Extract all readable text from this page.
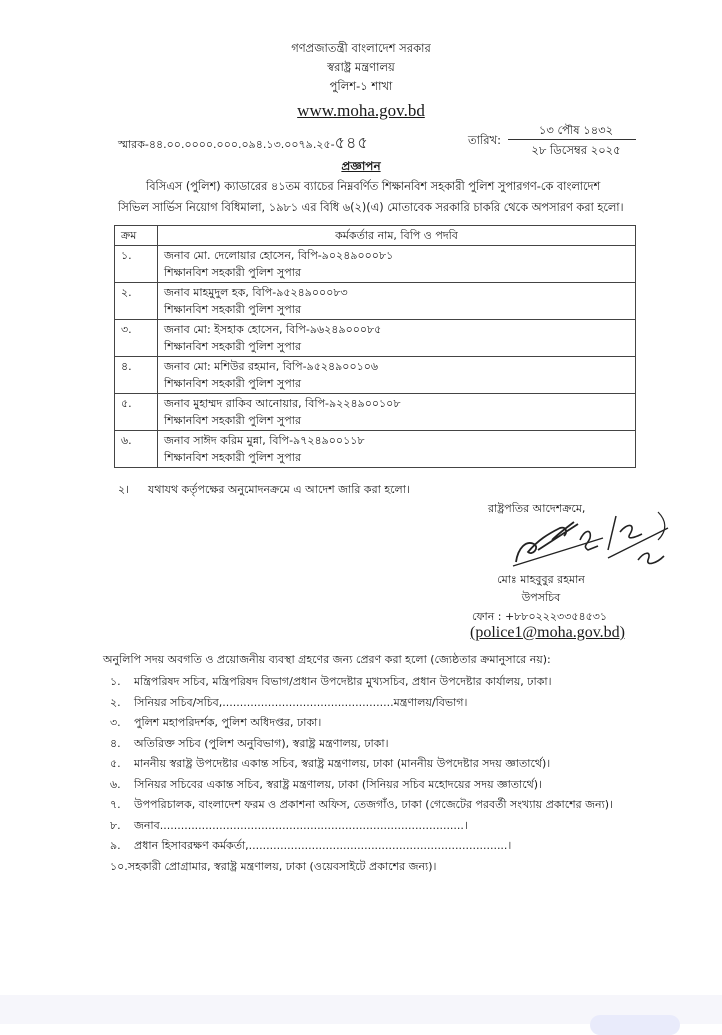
গণপ্রজাতন্ত্রী বাংলাদেশ সরকার
স্বরাষ্ট্র মন্ত্রণালয়
পুলিশ-১ শাখা
www.moha.gov.bd
স্মারক-৪৪.০০.০০০০.০০০.০৯৪.১৩.০০৭৯.২৫-৫৪৫	তারিখ:
১৩ পৌষ ১৪৩২
২৮ ডিসেম্বর ২০২৫
প্রজ্ঞাপন
বিসিএস (পুলিশ) ক্যাডারের ৪১তম ব্যাচের নিম্নবর্ণিত শিক্ষানবিশ সহকারী পুলিশ সুপারগণ-কে বাংলাদেশ
সিভিল সার্ভিস নিয়োগ বিধিমালা, ১৯৮১ এর বিধি ৬(২)(এ) মোতাবেক সরকারি চাকরি থেকে অপসারণ করা হলো।
ক্রম	কর্মকর্তার নাম, বিপি ও পদবি
১.	জনাব মো. দেলোয়ার হোসেন, বিপি-৯০২৪৯০০০৮১
শিক্ষানবিশ সহকারী পুলিশ সুপার

২.	জনাব মাহমুদুল হক, বিপি-৯৫২৪৯০০০৮৩
শিক্ষানবিশ সহকারী পুলিশ সুপার

৩.	জনাব মো: ইসহাক হোসেন, বিপি-৯৬২৪৯০০০৮৫
শিক্ষানবিশ সহকারী পুলিশ সুপার

৪.	জনাব মো: মশিউর রহমান, বিপি-৯৫২৪৯০০১০৬
শিক্ষানবিশ সহকারী পুলিশ সুপার

৫.	জনাব মুহাম্মদ রাকিব আনোয়ার, বিপি-৯২২৪৯০০১০৮
শিক্ষানবিশ সহকারী পুলিশ সুপার

৬.	জনাব সাঈদ করিম মুন্না, বিপি-৯৭২৪৯০০১১৮
শিক্ষানবিশ সহকারী পুলিশ সুপার
২। যথাযথ কর্তৃপক্ষের অনুমোদনক্রমে এ আদেশ জারি করা হলো।
রাষ্ট্রপতির আদেশক্রমে,
মোঃ মাহবুবুর রহমান
উপসচিব
ফোন : +৮৮০২২২৩৩৫৪৫৩১
(police1@moha.gov.bd)
অনুলিপি সদয় অবগতি ও প্রয়োজনীয় ব্যবস্থা গ্রহণের জন্য প্রেরণ করা হলো (জ্যেষ্ঠতার ক্রমানুসারে নয়):
১. মন্ত্রিপরিষদ সচিব, মন্ত্রিপরিষদ বিভাগ/প্রধান উপদেষ্টার মুখ্যসচিব, প্রধান উপদেষ্টার কার্যালয়, ঢাকা।
২. সিনিয়র সচিব/সচিব,.................................................মন্ত্রণালয়/বিভাগ।
৩. পুলিশ মহাপরিদর্শক, পুলিশ অধিদপ্তর, ঢাকা।
৪. অতিরিক্ত সচিব (পুলিশ অনুবিভাগ), স্বরাষ্ট্র মন্ত্রণালয়, ঢাকা।
৫. মাননীয় স্বরাষ্ট্র উপদেষ্টার একান্ত সচিব, স্বরাষ্ট্র মন্ত্রণালয়, ঢাকা (মাননীয় উপদেষ্টার সদয় জ্ঞাতার্থে)।
৬. সিনিয়র সচিবের একান্ত সচিব, স্বরাষ্ট্র মন্ত্রণালয়, ঢাকা (সিনিয়র সচিব মহোদয়ের সদয় জ্ঞাতার্থে)।
৭. উপপরিচালক, বাংলাদেশ ফরম ও প্রকাশনা অফিস, তেজগাঁও, ঢাকা (গেজেটের পরবর্তী সংখ্যায় প্রকাশের জন্য)।
৮. জনাব.......................................................................................।
৯. প্রধান হিসাবরক্ষণ কর্মকর্তা,..........................................................................।
১০.সহকারী প্রোগ্রামার, স্বরাষ্ট্র মন্ত্রণালয়, ঢাকা (ওয়েবসাইটে প্রকাশের জন্য)।
